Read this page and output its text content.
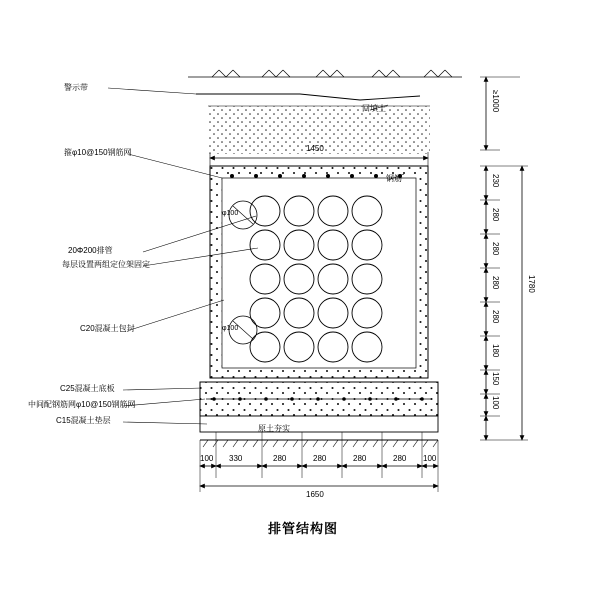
警示带
回填土
箍φ10@150钢筋网
钢筋
20Φ200排管
每层设置两组定位架固定
C20混凝土包封
C25混凝土底板
中间配钢筋网φ10@150钢筋网
C15混凝土垫层
原土夯实
φ100
φ100
1450
1650
≥1000
1780
230
280
280
280
280
180
150
100
100 330	280	280	280	280 100
排管结构图
